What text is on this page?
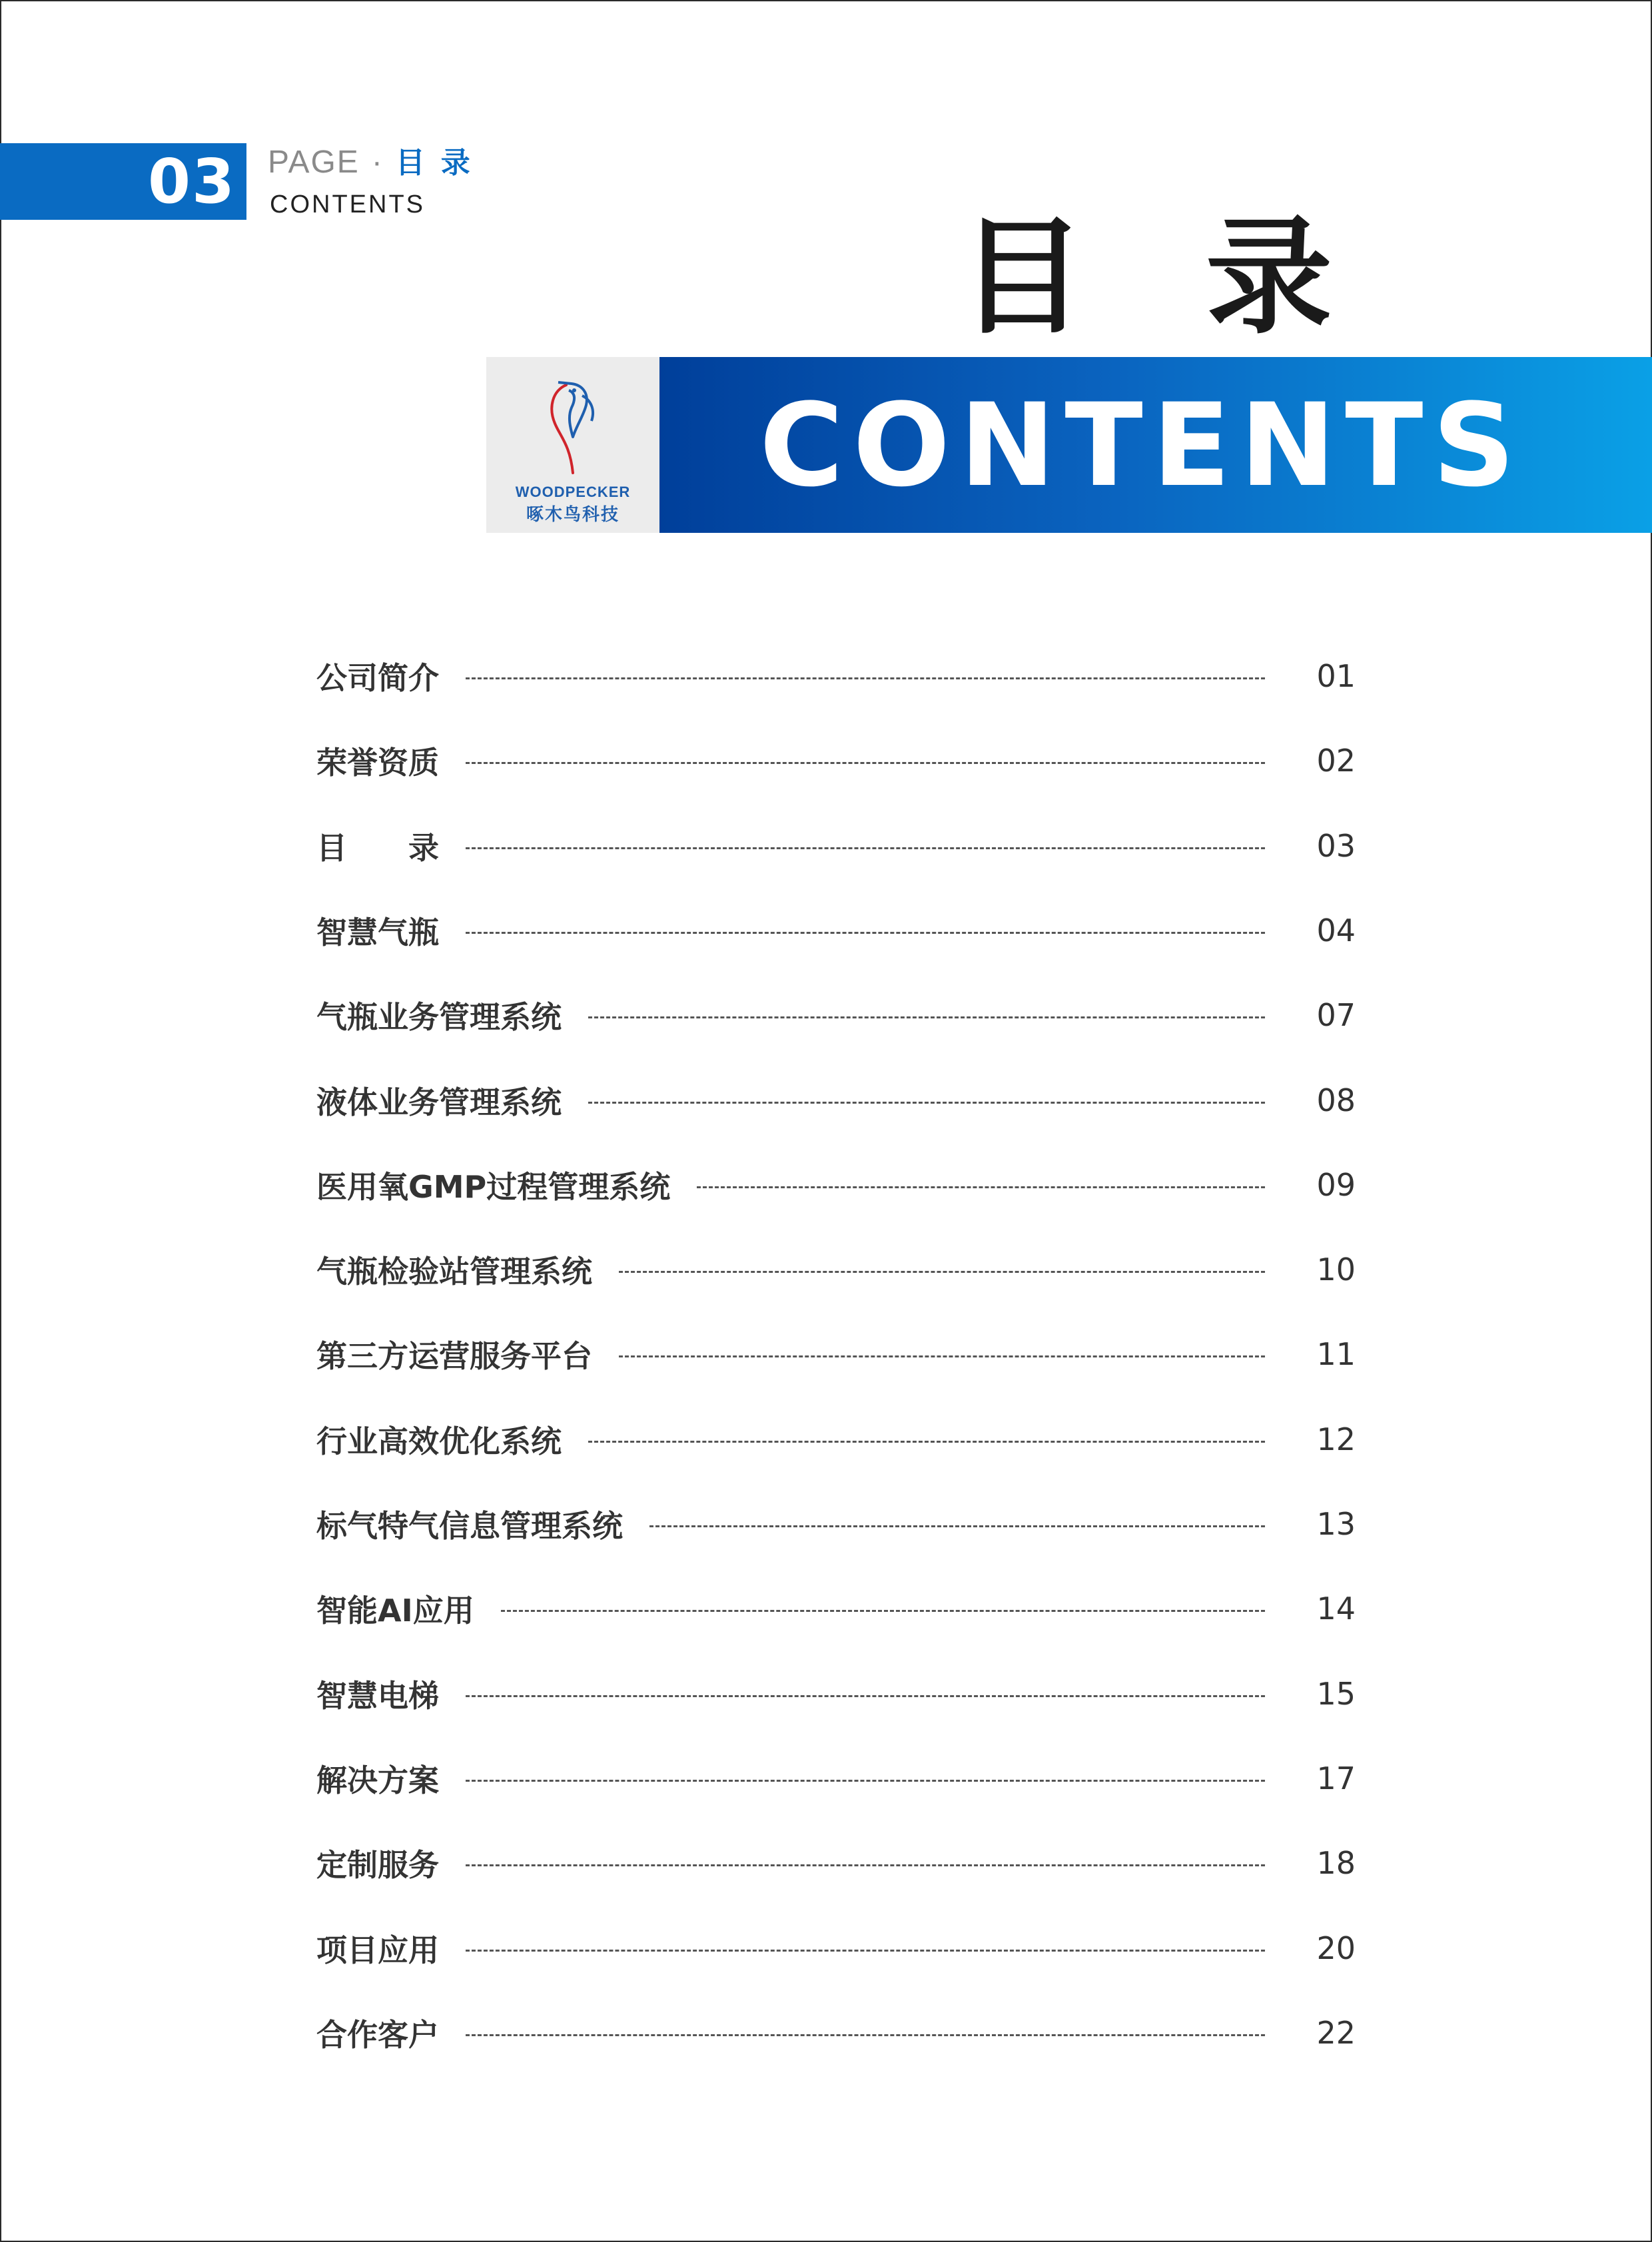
03 PAGE · 目录
CONTENTS	目 录
WOODPECKER
啄木鸟科技
CONTENTS
公司简介	01
荣誉资质	02
目　　录	03
智慧气瓶	04
气瓶业务管理系统	07
液体业务管理系统	08
医用氧GMP过程管理系统	09
气瓶检验站管理系统	10
第三方运营服务平台	11
行业高效优化系统	12
标气特气信息管理系统	13
智能AI应用	14
智慧电梯	15
解决方案	17
定制服务	18
项目应用	20
合作客户	22
